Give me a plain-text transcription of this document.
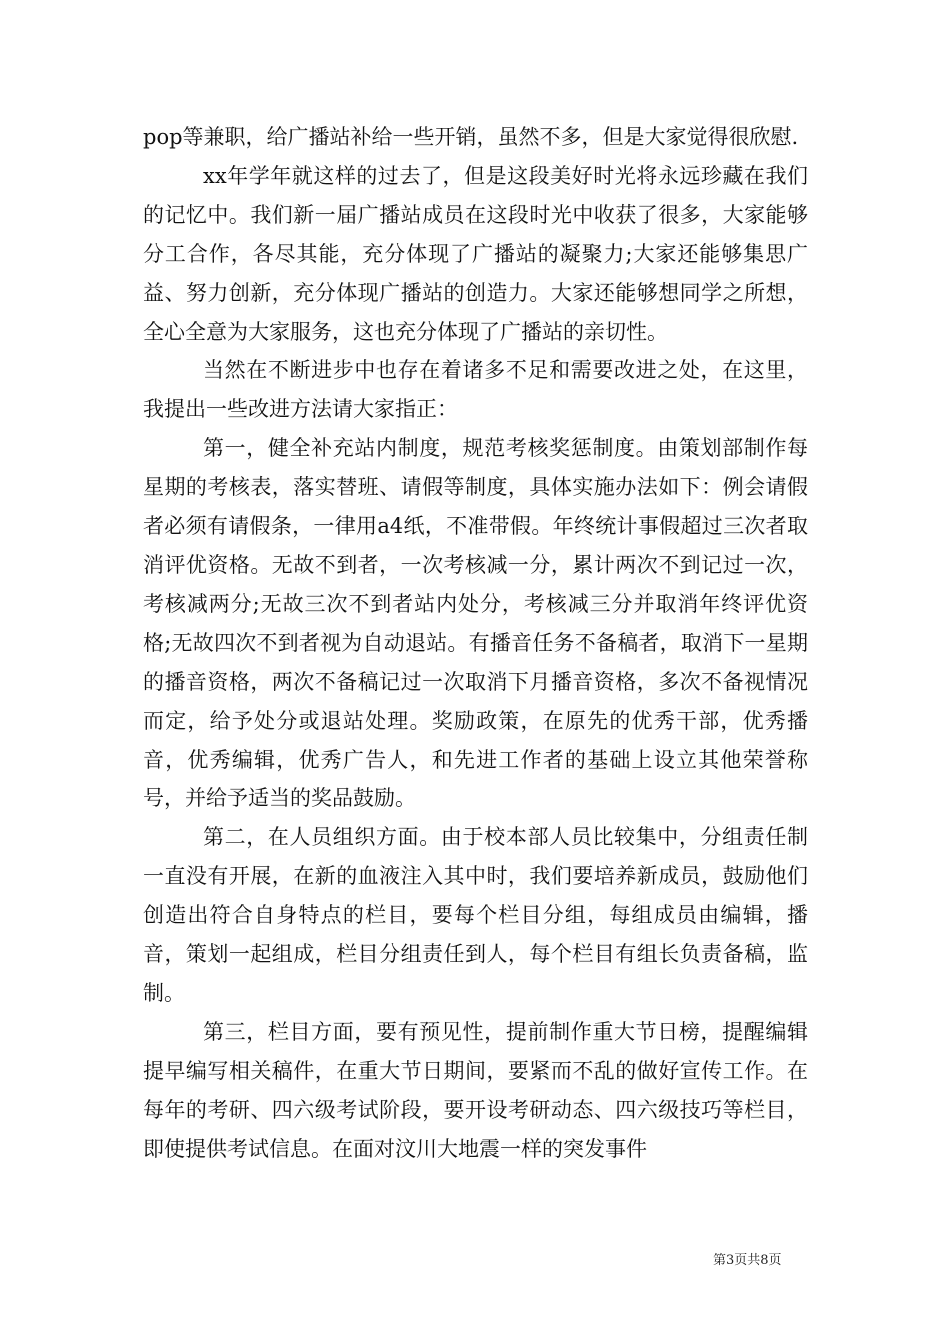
pop等兼职，给广播站补给一些开销，虽然不多，但是大家觉得很欣慰.

xx年学年就这样的过去了，但是这段美好时光将永远珍藏在我们的记忆中。我们新一届广播站成员在这段时光中收获了很多，大家能够分工合作，各尽其能，充分体现了广播站的凝聚力;大家还能够集思广益、努力创新，充分体现广播站的创造力。大家还能够想同学之所想，全心全意为大家服务，这也充分体现了广播站的亲切性。

当然在不断进步中也存在着诸多不足和需要改进之处，在这里，我提出一些改进方法请大家指正：

第一，健全补充站内制度，规范考核奖惩制度。由策划部制作每星期的考核表，落实替班、请假等制度，具体实施办法如下：例会请假者必须有请假条，一律用a4纸，不准带假。年终统计事假超过三次者取消评优资格。无故不到者，一次考核减一分，累计两次不到记过一次，考核减两分;无故三次不到者站内处分，考核减三分并取消年终评优资格;无故四次不到者视为自动退站。有播音任务不备稿者，取消下一星期的播音资格，两次不备稿记过一次取消下月播音资格，多次不备视情况而定，给予处分或退站处理。奖励政策，在原先的优秀干部，优秀播音，优秀编辑，优秀广告人，和先进工作者的基础上设立其他荣誉称号，并给予适当的奖品鼓励。

第二，在人员组织方面。由于校本部人员比较集中，分组责任制一直没有开展，在新的血液注入其中时，我们要培养新成员，鼓励他们创造出符合自身特点的栏目，要每个栏目分组，每组成员由编辑，播音，策划一起组成，栏目分组责任到人，每个栏目有组长负责备稿，监制。

第三，栏目方面，要有预见性，提前制作重大节日榜，提醒编辑提早编写相关稿件，在重大节日期间，要紧而不乱的做好宣传工作。在每年的考研、四六级考试阶段，要开设考研动态、四六级技巧等栏目，即使提供考试信息。在面对汶川大地震一样的突发事件

第3页共8页
